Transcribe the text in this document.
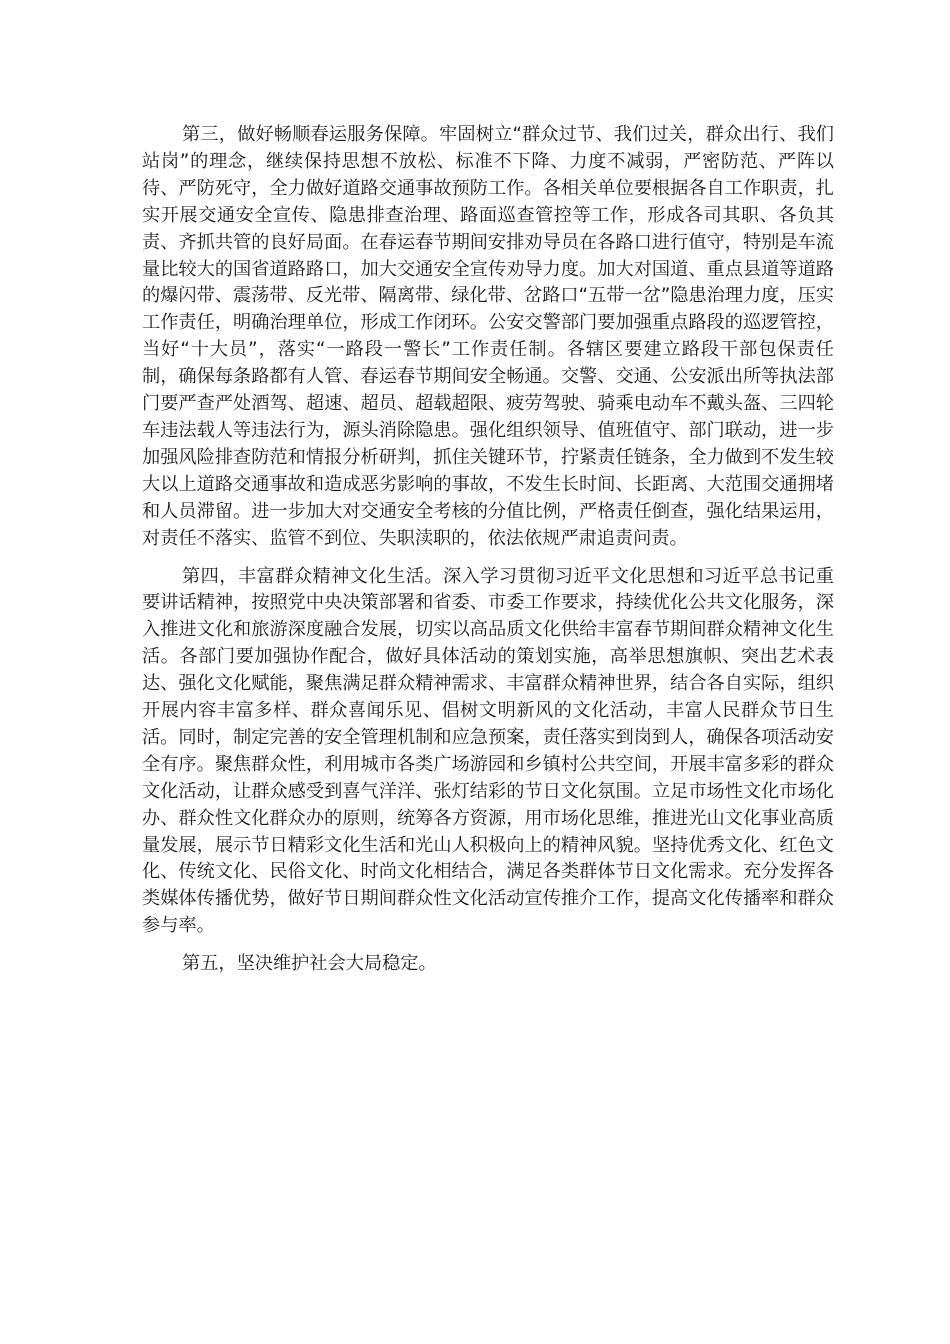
第三，做好畅顺春运服务保障。牢固树立“群众过节、我们过关，群众出行、我们站岗”的理念，继续保持思想不放松、标准不下降、力度不减弱，严密防范、严阵以待、严防死守，全力做好道路交通事故预防工作。各相关单位要根据各自工作职责，扎实开展交通安全宣传、隐患排查治理、路面巡查管控等工作，形成各司其职、各负其责、齐抓共管的良好局面。在春运春节期间安排劝导员在各路口进行值守，特别是车流量比较大的国省道路路口，加大交通安全宣传劝导力度。加大对国道、重点县道等道路的爆闪带、震荡带、反光带、隔离带、绿化带、岔路口“五带一岔”隐患治理力度，压实工作责任，明确治理单位，形成工作闭环。公安交警部门要加强重点路段的巡逻管控，当好“十大员”，落实“一路段一警长”工作责任制。各辖区要建立路段干部包保责任制，确保每条路都有人管、春运春节期间安全畅通。交警、交通、公安派出所等执法部门要严查严处酒驾、超速、超员、超载超限、疲劳驾驶、骑乘电动车不戴头盔、三四轮车违法载人等违法行为，源头消除隐患。强化组织领导、值班值守、部门联动，进一步加强风险排查防范和情报分析研判，抓住关键环节，拧紧责任链条，全力做到不发生较大以上道路交通事故和造成恶劣影响的事故，不发生长时间、长距离、大范围交通拥堵和人员滞留。进一步加大对交通安全考核的分值比例，严格责任倒查，强化结果运用，对责任不落实、监管不到位、失职渎职的，依法依规严肃追责问责。

第四，丰富群众精神文化生活。深入学习贯彻习近平文化思想和习近平总书记重要讲话精神，按照党中央决策部署和省委、市委工作要求，持续优化公共文化服务，深入推进文化和旅游深度融合发展，切实以高品质文化供给丰富春节期间群众精神文化生活。各部门要加强协作配合，做好具体活动的策划实施，高举思想旗帜、突出艺术表达、强化文化赋能，聚焦满足群众精神需求、丰富群众精神世界，结合各自实际，组织开展内容丰富多样、群众喜闻乐见、倡树文明新风的文化活动，丰富人民群众节日生活。同时，制定完善的安全管理机制和应急预案，责任落实到岗到人，确保各项活动安全有序。聚焦群众性，利用城市各类广场游园和乡镇村公共空间，开展丰富多彩的群众文化活动，让群众感受到喜气洋洋、张灯结彩的节日文化氛围。立足市场性文化市场化办、群众性文化群众办的原则，统筹各方资源，用市场化思维，推进光山文化事业高质量发展，展示节日精彩文化生活和光山人积极向上的精神风貌。坚持优秀文化、红色文化、传统文化、民俗文化、时尚文化相结合，满足各类群体节日文化需求。充分发挥各类媒体传播优势，做好节日期间群众性文化活动宣传推介工作，提高文化传播率和群众参与率。

第五，坚决维护社会大局稳定。
